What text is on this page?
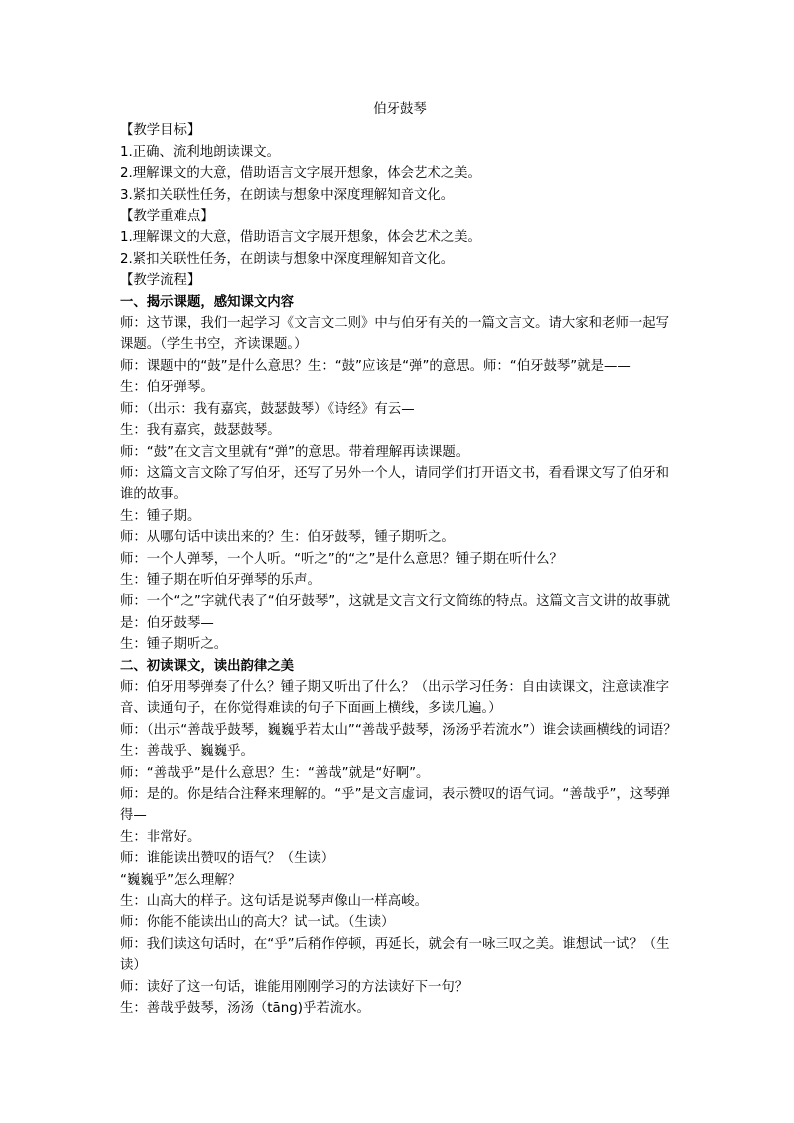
伯牙鼓琴

【教学目标】

1.正确、流利地朗读课文。

2.理解课文的大意，借助语言文字展开想象，体会艺术之美。

3.紧扣关联性任务，在朗读与想象中深度理解知音文化。

【教学重难点】

1.理解课文的大意，借助语言文字展开想象，体会艺术之美。

2.紧扣关联性任务，在朗读与想象中深度理解知音文化。

【教学流程】

一、揭示课题，感知课文内容

师：这节课，我们一起学习《文言文二则》中与伯牙有关的一篇文言文。请大家和老师一起写课题。（学生书空，齐读课题。）

师：课题中的“鼓”是什么意思？生：“鼓”应该是“弹”的意思。师：“伯牙鼓琴”就是——

生：伯牙弹琴。

师：（出示：我有嘉宾，鼓瑟鼓琴）《诗经》有云—

生：我有嘉宾，鼓瑟鼓琴。

师：“鼓”在文言文里就有“弹”的意思。带着理解再读课题。

师：这篇文言文除了写伯牙，还写了另外一个人，请同学们打开语文书，看看课文写了伯牙和谁的故事。

生：锺子期。

师：从哪句话中读出来的？生：伯牙鼓琴，锺子期听之。

师：一个人弹琴，一个人听。“听之”的“之”是什么意思？锺子期在听什么？

生：锺子期在听伯牙弹琴的乐声。

师：一个“之”字就代表了“伯牙鼓琴”，这就是文言文行文简练的特点。这篇文言文讲的故事就是：伯牙鼓琴—

生：锺子期听之。

二、初读课文，读出韵律之美

师：伯牙用琴弹奏了什么？锺子期又听出了什么？（出示学习任务：自由读课文，注意读准字音、读通句子，在你觉得难读的句子下面画上横线，多读几遍。）

师：（出示“善哉乎鼓琴，巍巍乎若太山”“善哉乎鼓琴，汤汤乎若流水”）谁会读画横线的词语？

生：善哉乎、巍巍乎。

师：“善哉乎”是什么意思？生：“善哉”就是“好啊”。

师：是的。你是结合注释来理解的。“乎”是文言虚词，表示赞叹的语气词。“善哉乎”，这琴弹得—

生：非常好。

师：谁能读出赞叹的语气？（生读）

“巍巍乎”怎么理解？

生：山高大的样子。这句话是说琴声像山一样高峻。

师：你能不能读出山的高大？试一试。（生读）

师：我们读这句话时，在“乎”后稍作停顿，再延长，就会有一咏三叹之美。谁想试一试？（生读）

师：读好了这一句话，谁能用刚刚学习的方法读好下一句？

生：善哉乎鼓琴，汤汤（tāng)乎若流水。
